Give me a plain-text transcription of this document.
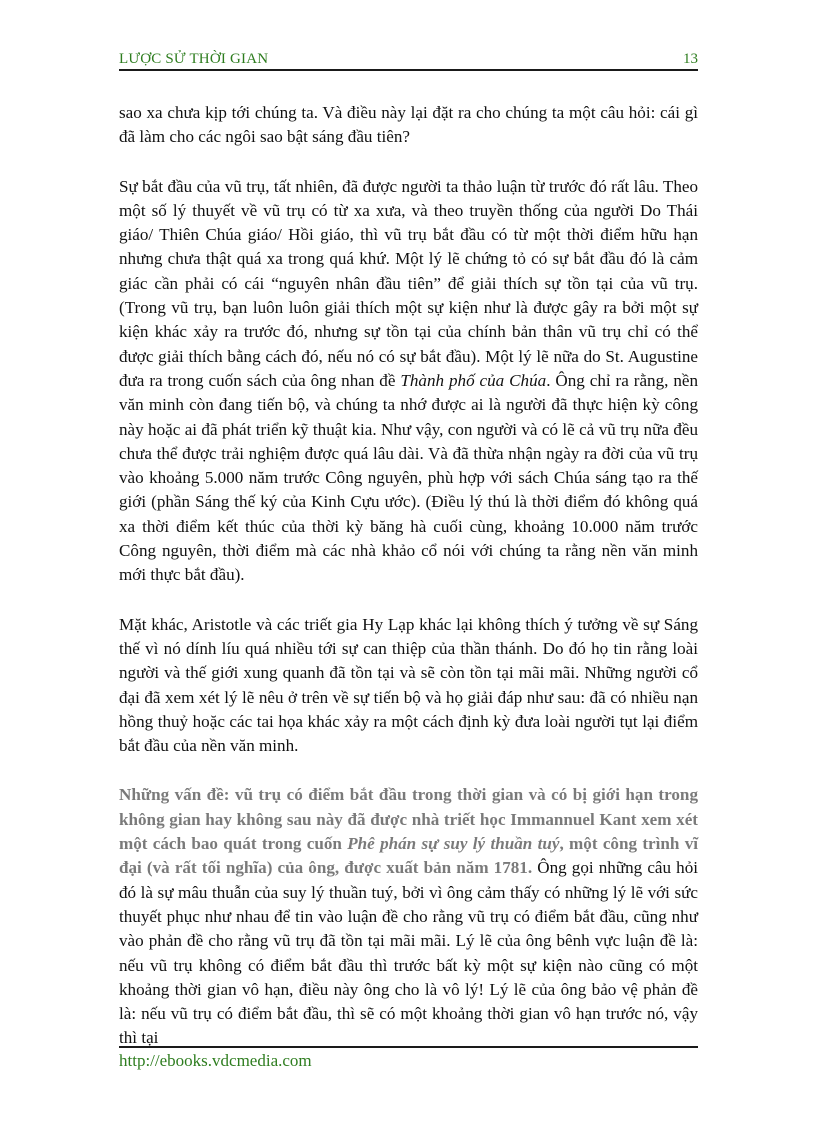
LƯỢC SỬ THỜI GIAN	13

sao xa chưa kịp tới chúng ta. Và điều này lại đặt ra cho chúng ta một câu hỏi: cái gì đã làm cho các ngôi sao bật sáng đầu tiên?

Sự bắt đầu của vũ trụ, tất nhiên, đã được người ta thảo luận từ trước đó rất lâu. Theo một số lý thuyết về vũ trụ có từ xa xưa, và theo truyền thống của người Do Thái giáo/ Thiên Chúa giáo/ Hồi giáo, thì vũ trụ bắt đầu có từ một thời điểm hữu hạn nhưng chưa thật quá xa trong quá khứ. Một lý lẽ chứng tỏ có sự bắt đầu đó là cảm giác cần phải có cái “nguyên nhân đầu tiên” để giải thích sự tồn tại của vũ trụ. (Trong vũ trụ, bạn luôn luôn giải thích một sự kiện như là được gây ra bởi một sự kiện khác xảy ra trước đó, nhưng sự tồn tại của chính bản thân vũ trụ chỉ có thể được giải thích bằng cách đó, nếu nó có sự bắt đầu). Một lý lẽ nữa do St. Augustine đưa ra trong cuốn sách của ông nhan đề Thành phố của Chúa. Ông chỉ ra rằng, nền văn minh còn đang tiến bộ, và chúng ta nhớ được ai là người đã thực hiện kỳ công này hoặc ai đã phát triển kỹ thuật kia. Như vậy, con người và có lẽ cả vũ trụ nữa đều chưa thể được trải nghiệm được quá lâu dài. Và đã thừa nhận ngày ra đời của vũ trụ vào khoảng 5.000 năm trước Công nguyên, phù hợp với sách Chúa sáng tạo ra thế giới (phần Sáng thế ký của Kinh Cựu ước). (Điều lý thú là thời điểm đó không quá xa thời điểm kết thúc của thời kỳ băng hà cuối cùng, khoảng 10.000 năm trước Công nguyên, thời điểm mà các nhà khảo cổ nói với chúng ta rằng nền văn minh mới thực bắt đầu).

Mặt khác, Aristotle và các triết gia Hy Lạp khác lại không thích ý tưởng về sự Sáng thế vì nó dính líu quá nhiều tới sự can thiệp của thần thánh. Do đó họ tin rằng loài người và thế giới xung quanh đã tồn tại và sẽ còn tồn tại mãi mãi. Những người cổ đại đã xem xét lý lẽ nêu ở trên về sự tiến bộ và họ giải đáp như sau: đã có nhiều nạn hồng thuỷ hoặc các tai họa khác xảy ra một cách định kỳ đưa loài người tụt lại điểm bắt đầu của nền văn minh.

Những vấn đề: vũ trụ có điểm bắt đầu trong thời gian và có bị giới hạn trong không gian hay không sau này đã được nhà triết học Immannuel Kant xem xét một cách bao quát trong cuốn Phê phán sự suy lý thuần tuý, một công trình vĩ đại (và rất tối nghĩa) của ông, được xuất bản năm 1781. Ông gọi những câu hỏi đó là sự mâu thuẫn của suy lý thuần tuý, bởi vì ông cảm thấy có những lý lẽ với sức thuyết phục như nhau để tin vào luận đề cho rằng vũ trụ có điểm bắt đầu, cũng như vào phản đề cho rằng vũ trụ đã tồn tại mãi mãi. Lý lẽ của ông bênh vực luận đề là: nếu vũ trụ không có điểm bắt đầu thì trước bất kỳ một sự kiện nào cũng có một khoảng thời gian vô hạn, điều này ông cho là vô lý! Lý lẽ của ông bảo vệ phản đề là: nếu vũ trụ có điểm bắt đầu, thì sẽ có một khoảng thời gian vô hạn trước nó, vậy thì tại

http://ebooks.vdcmedia.com
